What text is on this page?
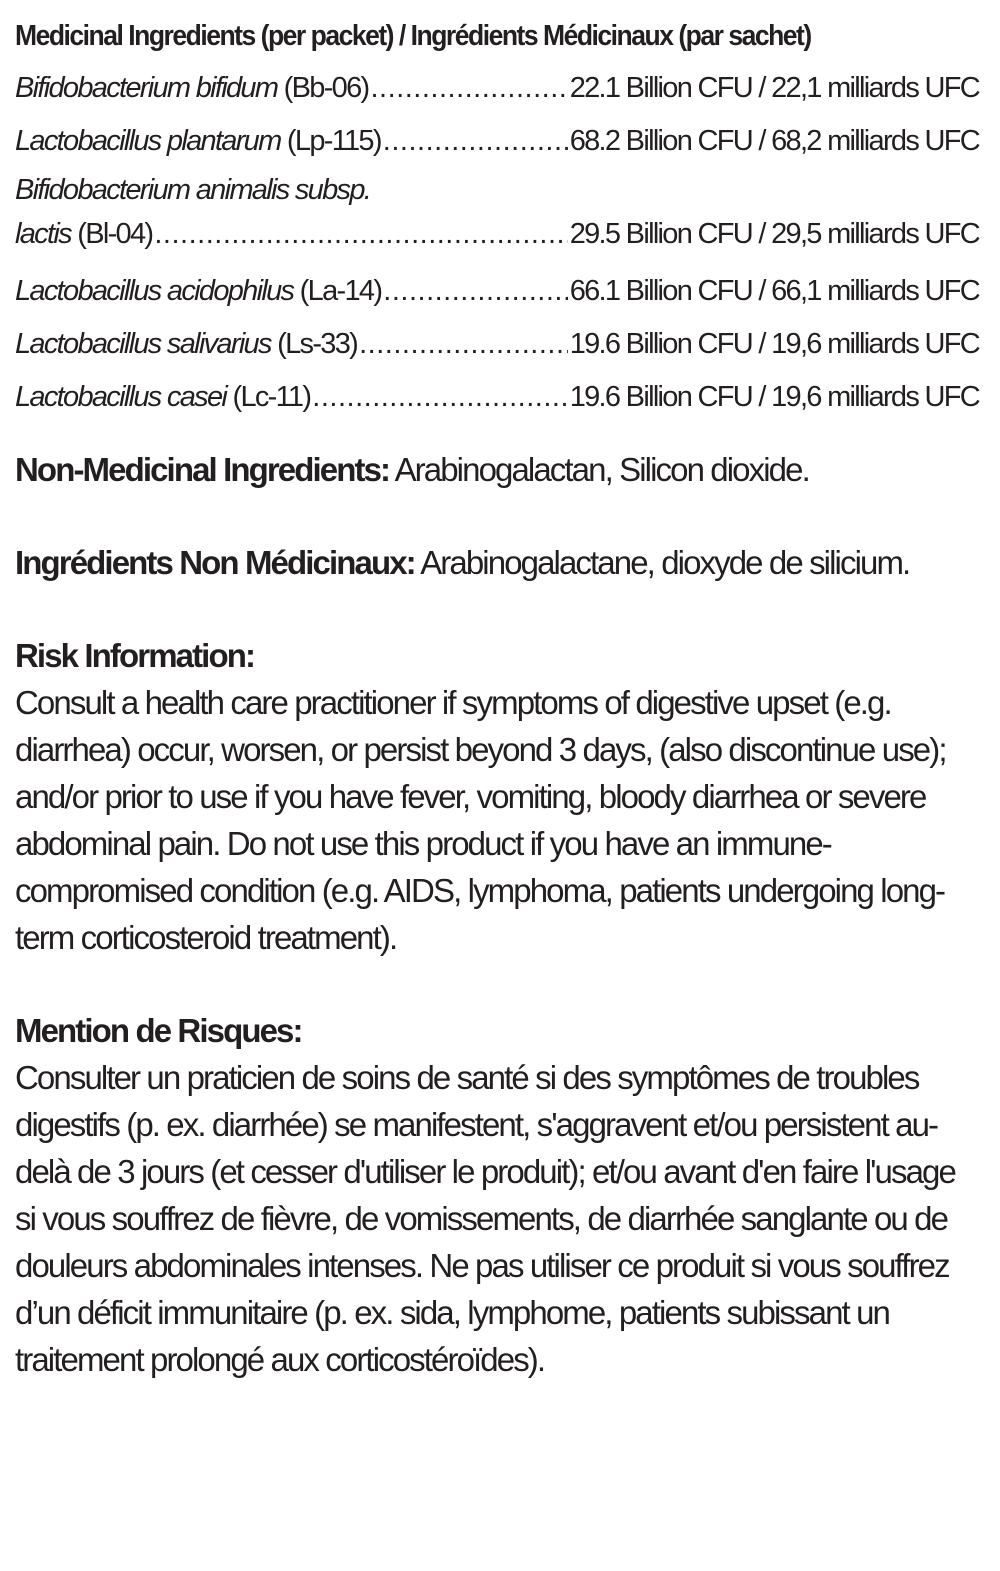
Medicinal Ingredients (per packet) / Ingrédients Médicinaux (par sachet)
Bifidobacterium bifidum (Bb-06) .....	22.1 Billion CFU / 22,1 milliards UFC
Lactobacillus plantarum (Lp-115) .....	68.2 Billion CFU / 68,2 milliards UFC
Bifidobacterium animalis subsp.
lactis (Bl-04) .....	29.5 Billion CFU / 29,5 milliards UFC
Lactobacillus acidophilus (La-14) .....	66.1 Billion CFU / 66,1 milliards UFC
Lactobacillus salivarius (Ls-33) .....	19.6 Billion CFU / 19,6 milliards UFC
Lactobacillus casei (Lc-11) .....	19.6 Billion CFU / 19,6 milliards UFC

Non-Medicinal Ingredients: Arabinogalactan, Silicon dioxide.

Ingrédients Non Médicinaux: Arabinogalactane, dioxyde de silicium.

Risk Information:

Consult a health care practitioner if symptoms of digestive upset (e.g. diarrhea) occur, worsen, or persist beyond 3 days, (also discontinue use); and/or prior to use if you have fever, vomiting, bloody diarrhea or severe abdominal pain. Do not use this product if you have an immune-compromised condition (e.g. AIDS, lymphoma, patients undergoing long-term corticosteroid treatment).

Mention de Risques:

Consulter un praticien de soins de santé si des symptômes de troubles digestifs (p. ex. diarrhée) se manifestent, s'aggravent et/ou persistent au-delà de 3 jours (et cesser d'utiliser le produit); et/ou avant d'en faire l'usage si vous souffrez de fièvre, de vomissements, de diarrhée sanglante ou de douleurs abdominales intenses. Ne pas utiliser ce produit si vous souffrez d’un déficit immunitaire (p. ex. sida, lymphome, patients subissant un traitement prolongé aux corticostéroïdes).
